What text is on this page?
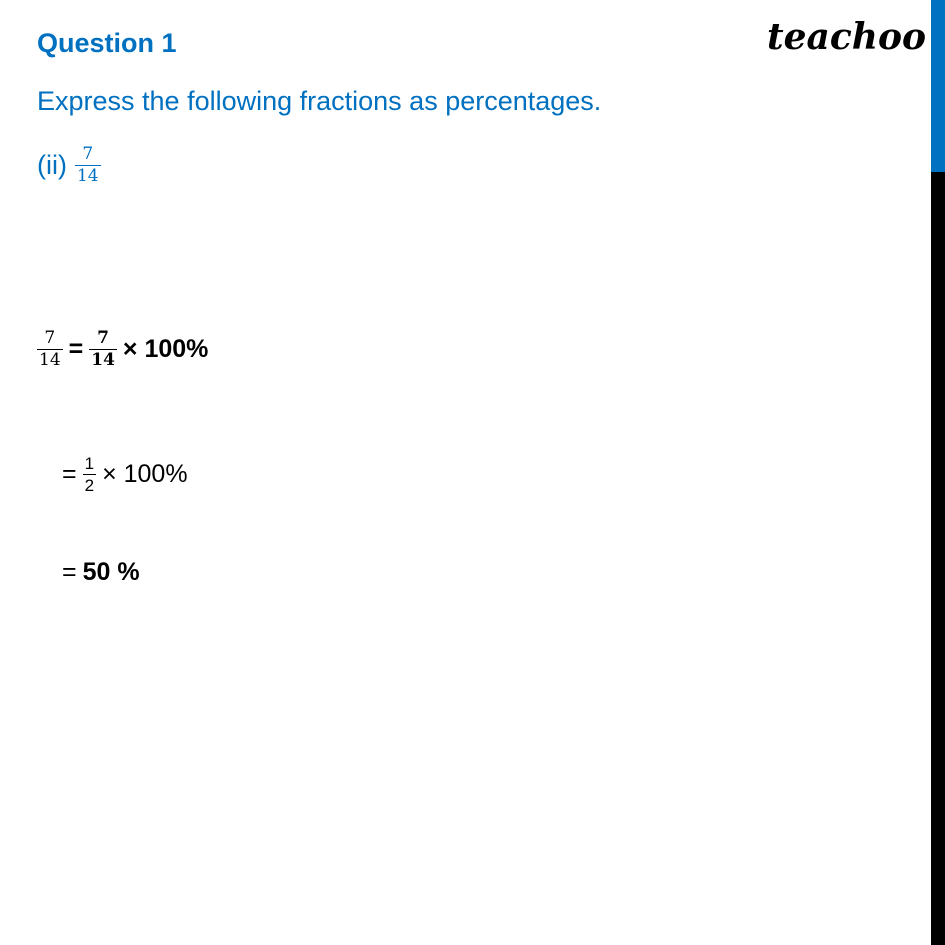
Question 1	teachoo
Express the following fractions as percentages.
$(ii) \frac{7}{14}$
$\frac{7}{14} = \frac{7}{14} \times 100\%$
= $\frac{1}{2} \times 100\%$
= 50 %
